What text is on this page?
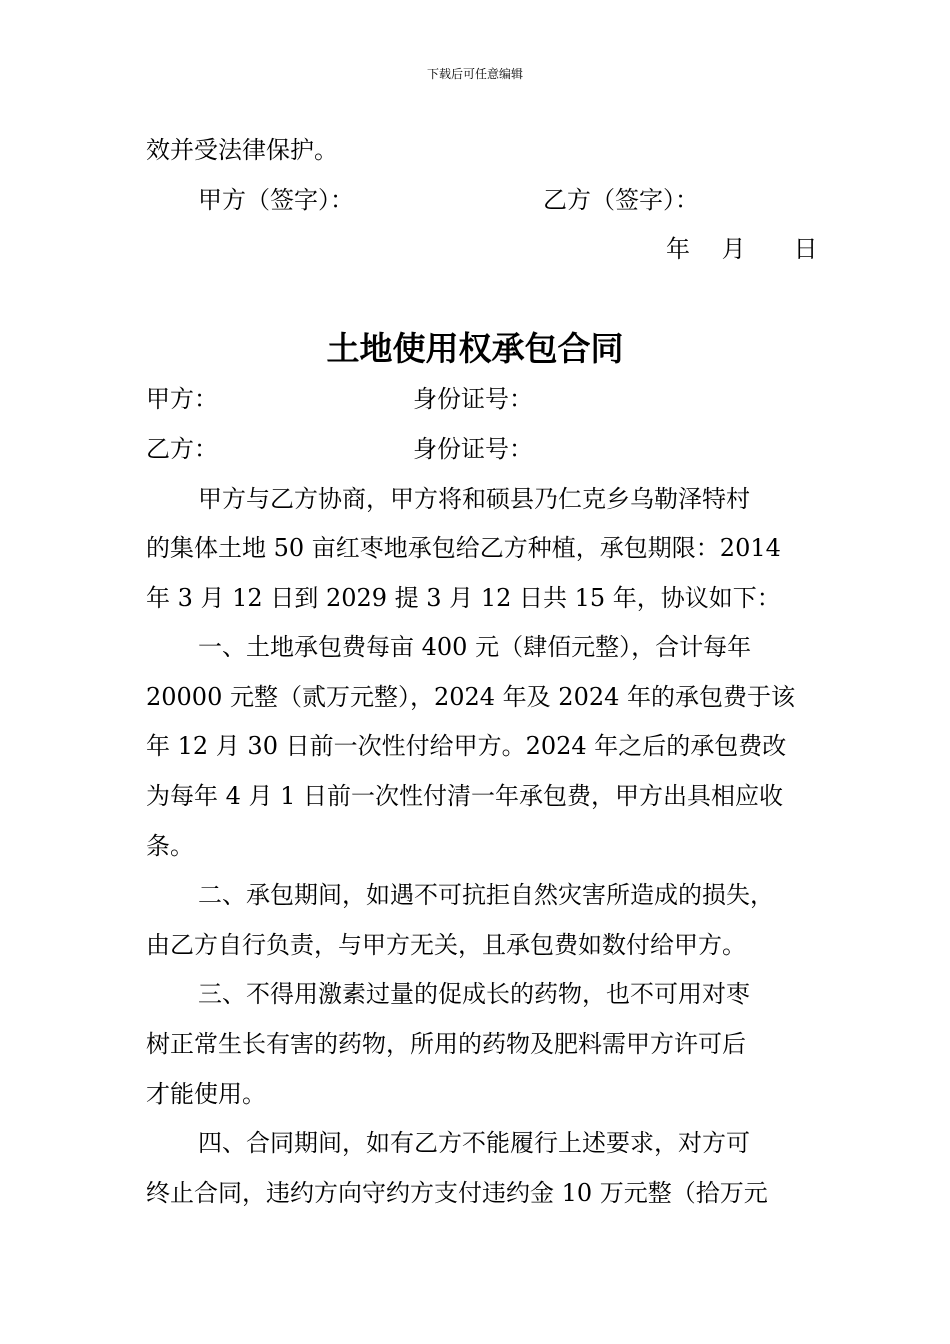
下载后可任意编辑
效并受法律保护。
甲方（签字）：	乙方（签字）：
年　 月　　日
土地使用权承包合同
甲方：	身份证号：
乙方：	身份证号：
甲方与乙方协商，甲方将和硕县乃仁克乡乌勒泽特村
的集体土地 50 亩红枣地承包给乙方种植，承包期限：2014
年 3 月 12 日到 2029 提 3 月 12 日共 15 年，协议如下：
一、土地承包费每亩 400 元（肆佰元整），合计每年
20000 元整（贰万元整），2024 年及 2024 年的承包费于该
年 12 月 30 日前一次性付给甲方。2024 年之后的承包费改
为每年 4 月 1 日前一次性付清一年承包费，甲方出具相应收
条。
二、承包期间，如遇不可抗拒自然灾害所造成的损失，
由乙方自行负责，与甲方无关，且承包费如数付给甲方。
三、不得用激素过量的促成长的药物，也不可用对枣
树正常生长有害的药物，所用的药物及肥料需甲方许可后
才能使用。
四、合同期间，如有乙方不能履行上述要求，对方可
终止合同，违约方向守约方支付违约金 10 万元整（拾万元
